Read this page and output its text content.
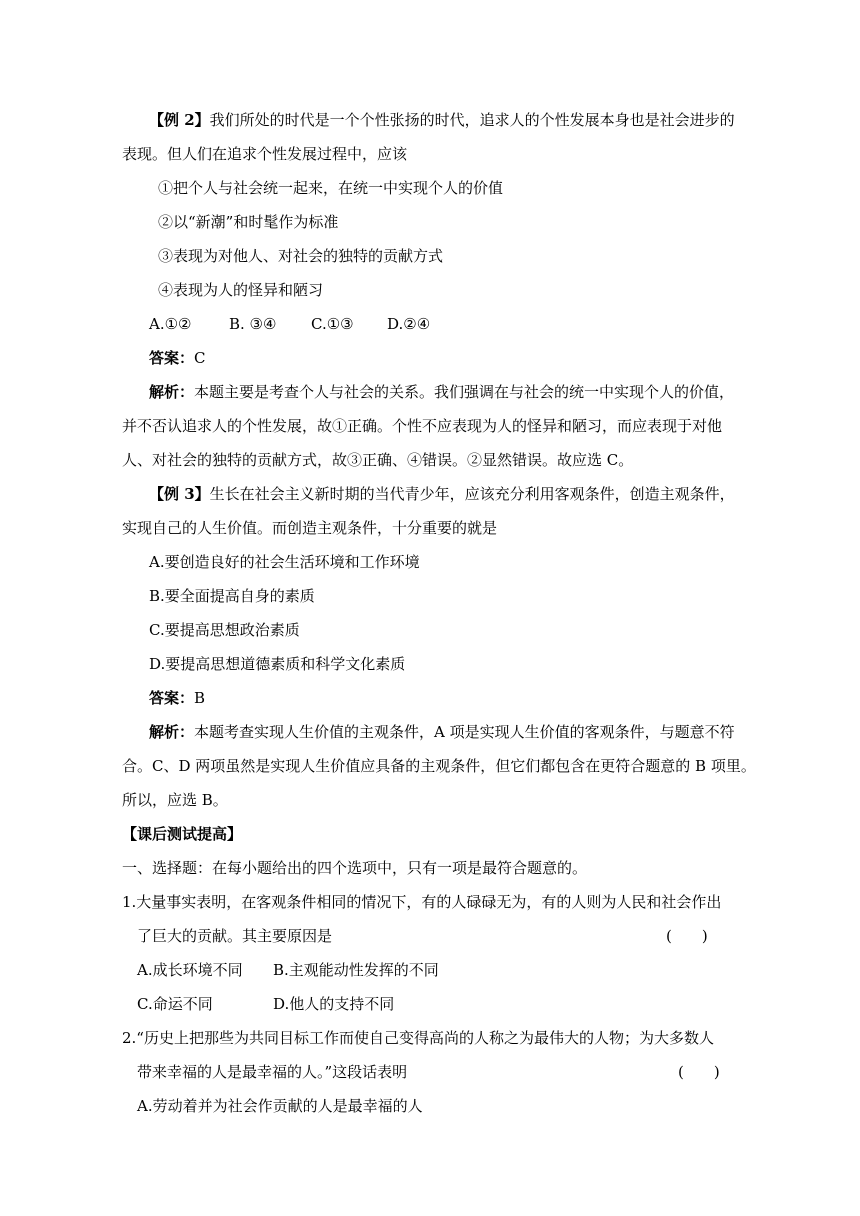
【例 2】我们所处的时代是一个个性张扬的时代，追求人的个性发展本身也是社会进步的
表现。但人们在追求个性发展过程中，应该
①把个人与社会统一起来，在统一中实现个人的价值
②以“新潮”和时髦作为标准
③表现为对他人、对社会的独特的贡献方式
④表现为人的怪异和陋习
A.①②	B. ③④ C.①③ D.②④
答案：C
解析：本题主要是考查个人与社会的关系。我们强调在与社会的统一中实现个人的价值，
并不否认追求人的个性发展，故①正确。个性不应表现为人的怪异和陋习，而应表现于对他
人、对社会的独特的贡献方式，故③正确、④错误。②显然错误。故应选 C。
【例 3】生长在社会主义新时期的当代青少年，应该充分利用客观条件，创造主观条件，
实现自己的人生价值。而创造主观条件，十分重要的就是
A.要创造良好的社会生活环境和工作环境
B.要全面提高自身的素质
C.要提高思想政治素质
D.要提高思想道德素质和科学文化素质
答案：B
解析：本题考查实现人生价值的主观条件，A 项是实现人生价值的客观条件，与题意不符
合。C、D 两项虽然是实现人生价值应具备的主观条件，但它们都包含在更符合题意的 B 项里。
所以，应选 B。
【课后测试提高】
一、选择题：在每小题给出的四个选项中，只有一项是最符合题意的。
1.大量事实表明，在客观条件相同的情况下，有的人碌碌无为，有的人则为人民和社会作出
了巨大的贡献。其主要原因是	(　　)
A.成长环境不同 B.主观能动性发挥的不同
C.命运不同	D.他人的支持不同
2.“历史上把那些为共同目标工作而使自己变得高尚的人称之为最伟大的人物；为大多数人
带来幸福的人是最幸福的人。”这段话表明	(　　)
A.劳动着并为社会作贡献的人是最幸福的人
